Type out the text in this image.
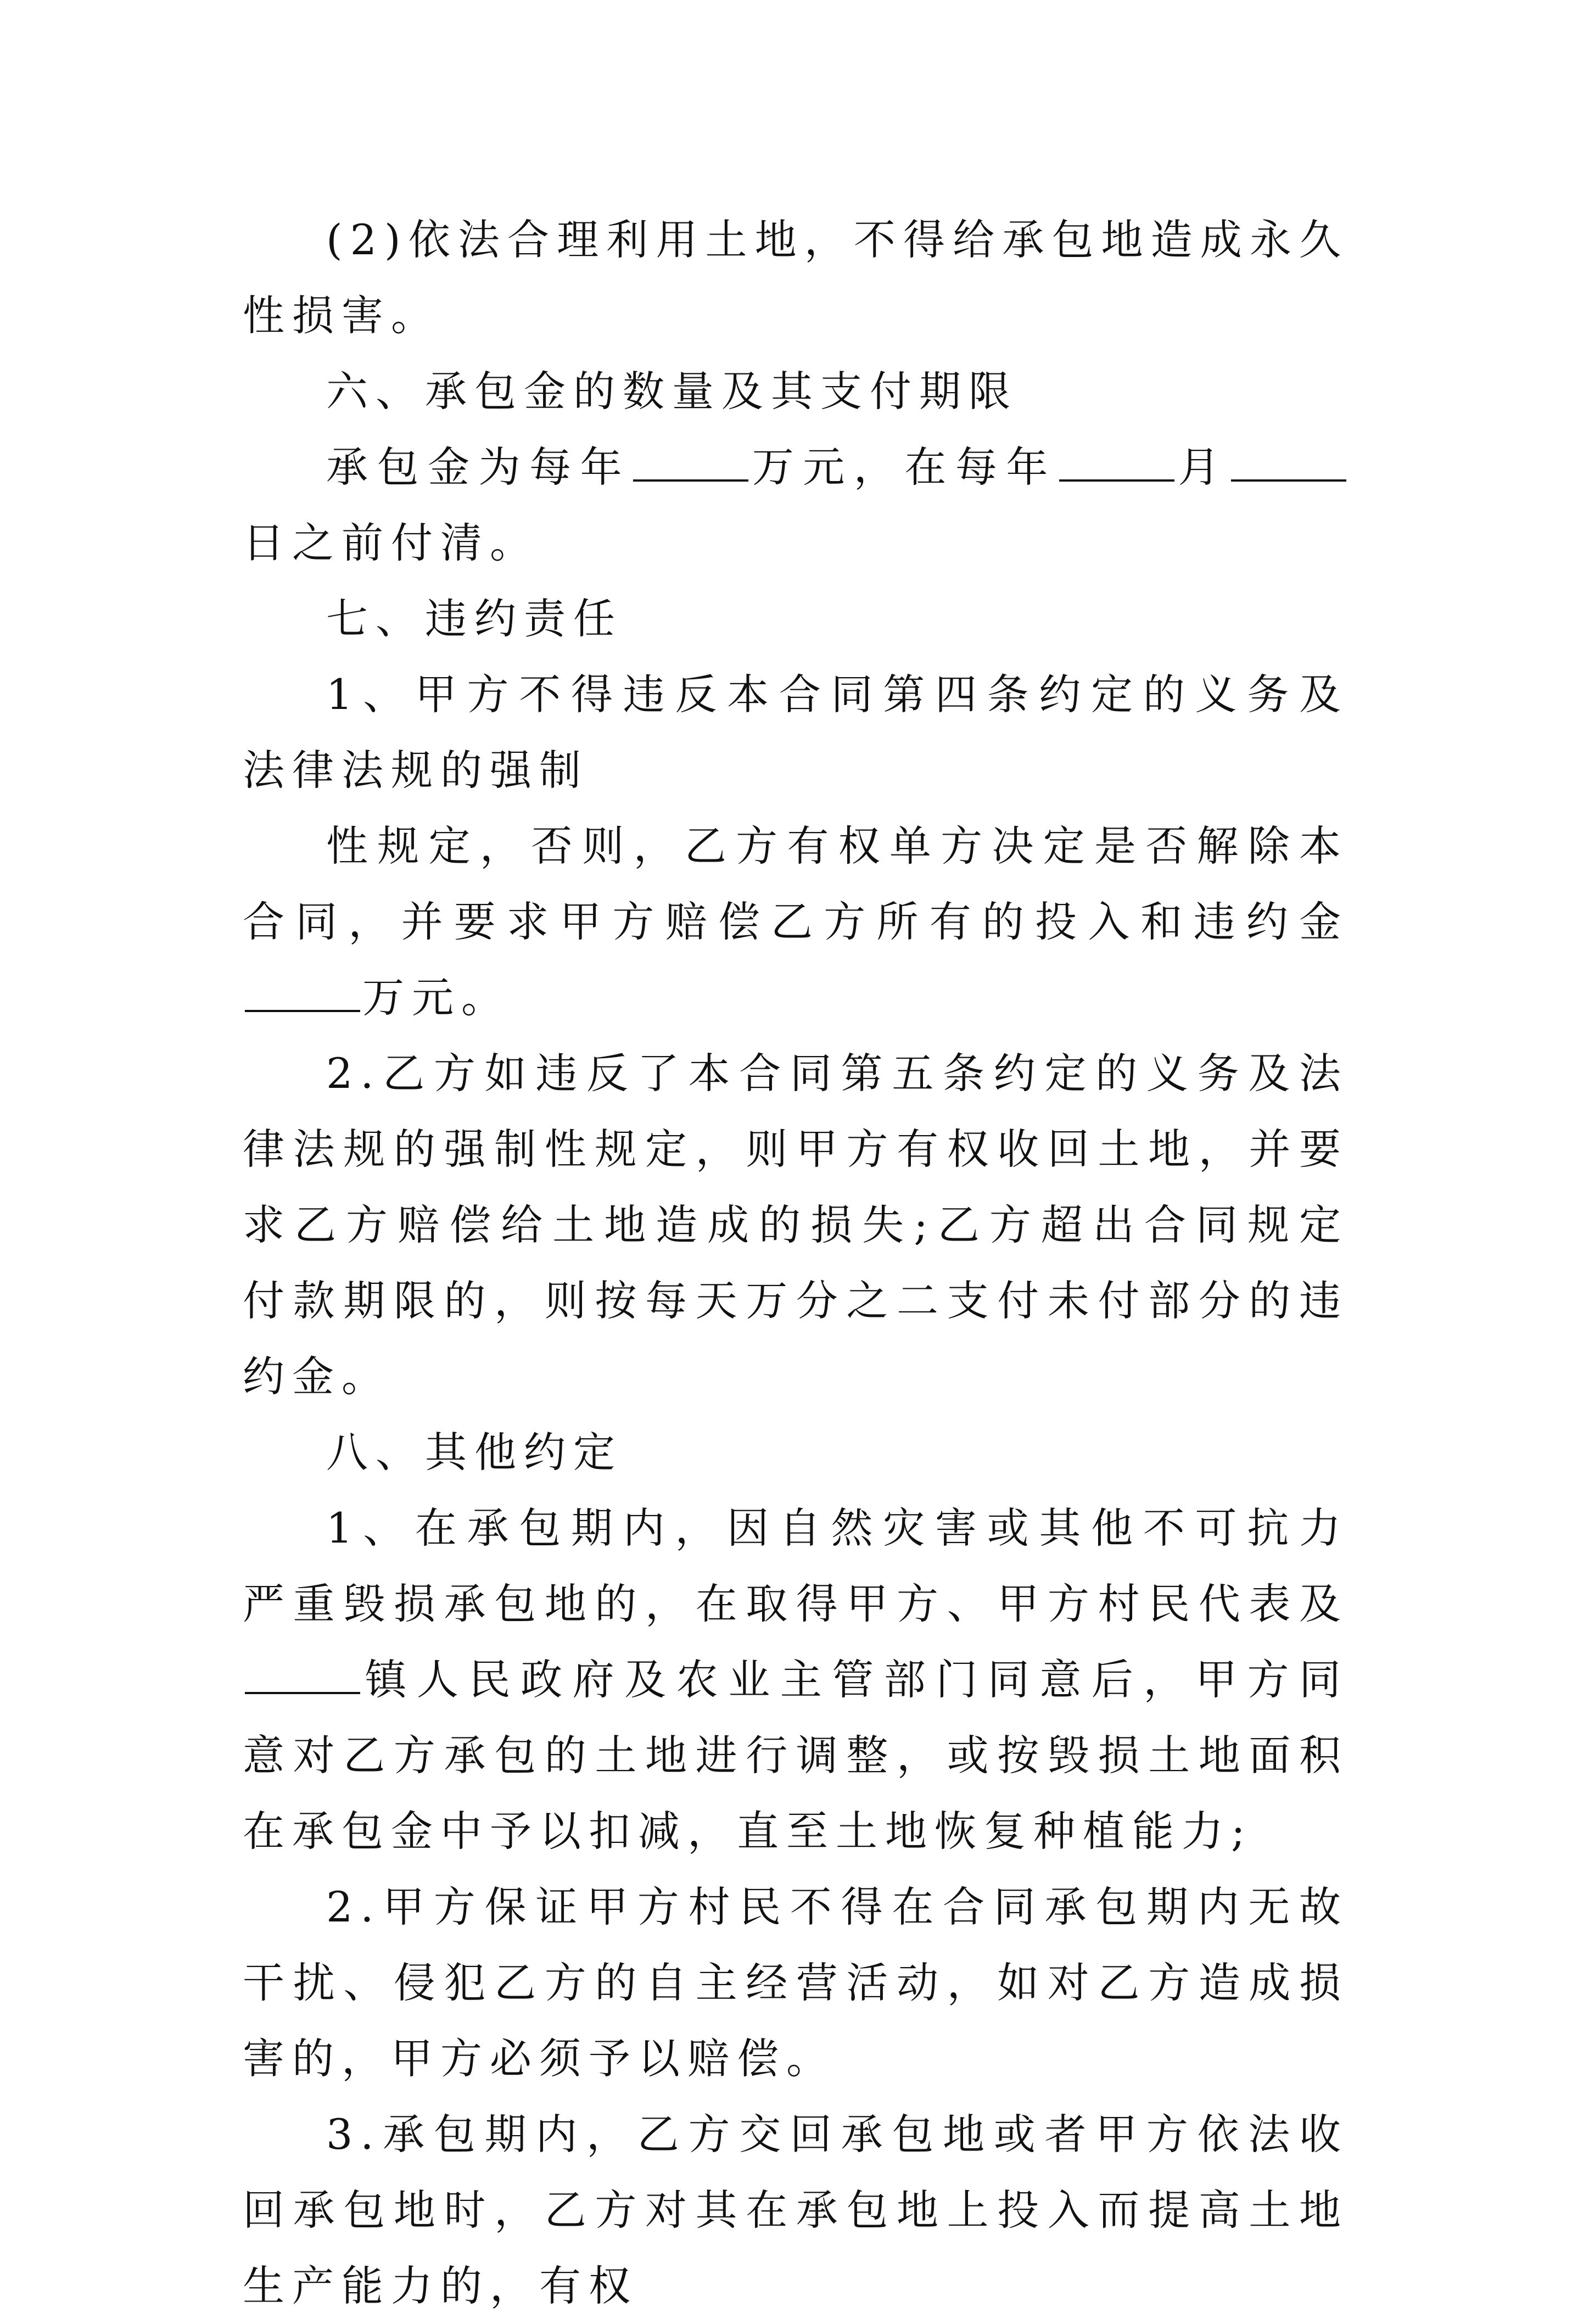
(2)依法合理利用土地，不得给承包地造成永久性损害。

六、承包金的数量及其支付期限

承包金为每年	万元，在每年	月日之前付清。

七、违约责任

1、甲方不得违反本合同第四条约定的义务及法律法规的强制

性规定，否则，乙方有权单方决定是否解除本合同，并要求甲方赔偿乙方所有的投入和违约金万元。

2.乙方如违反了本合同第五条约定的义务及法律法规的强制性规定，则甲方有权收回土地，并要求乙方赔偿给土地造成的损失;乙方超出合同规定付款期限的，则按每天万分之二支付未付部分的违约金。

八、其他约定

1、在承包期内，因自然灾害或其他不可抗力严重毁损承包地的，在取得甲方、甲方村民代表及镇人民政府及农业主管部门同意后，甲方同意对乙方承包的土地进行调整，或按毁损土地面积在承包金中予以扣减，直至土地恢复种植能力;

2.甲方保证甲方村民不得在合同承包期内无故干扰、侵犯乙方的自主经营活动，如对乙方造成损害的，甲方必须予以赔偿。

3.承包期内，乙方交回承包地或者甲方依法收回承包地时，乙方对其在承包地上投入而提高土地生产能力的，有权
